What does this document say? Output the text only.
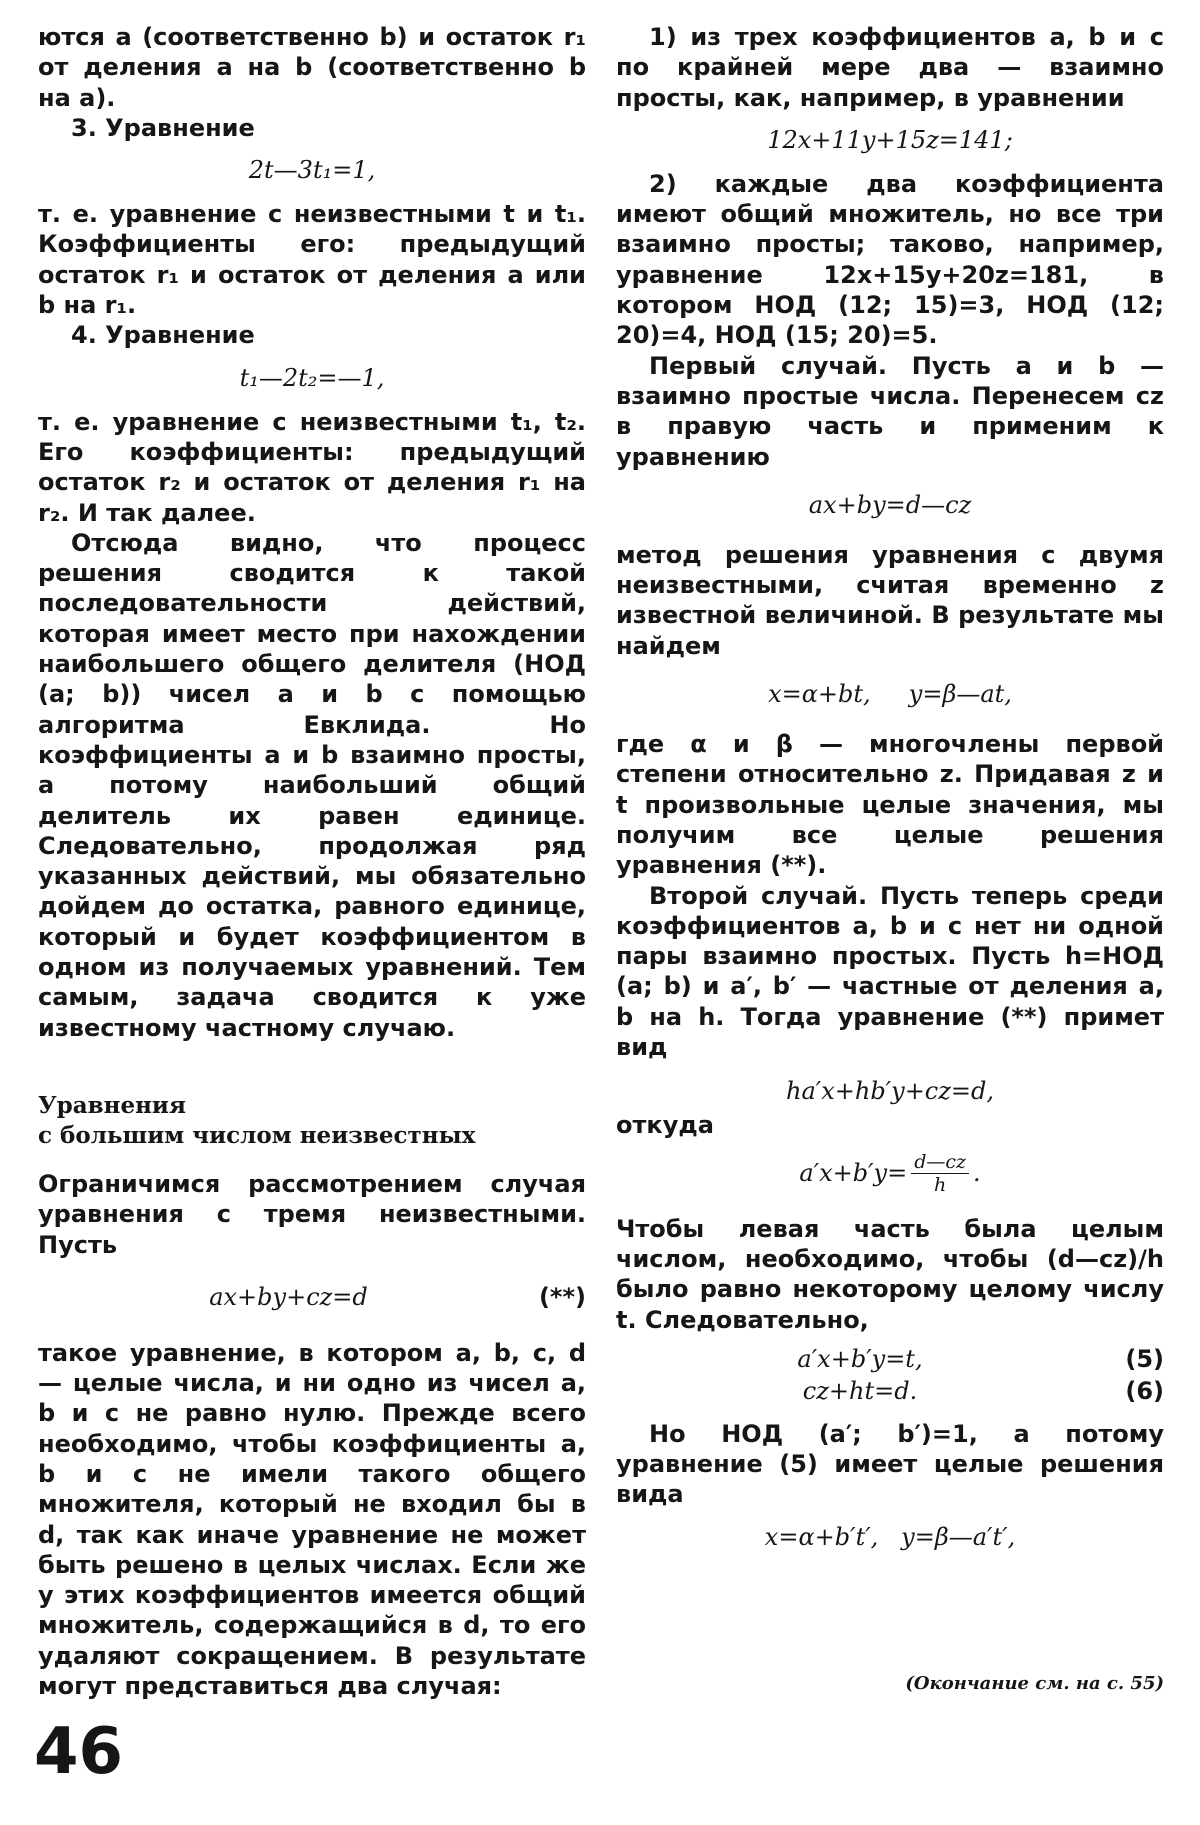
ются a (соответственно b) и остаток r₁ от деления a на b (соответственно b на a).

3. Уравнение

2t—3t₁=1,

т. е. уравнение с неизвестными t и t₁. Коэффициенты его: предыдущий остаток r₁ и остаток от деления a или b на r₁.

4. Уравнение

t₁—2t₂=—1,

т. е. уравнение с неизвестными t₁, t₂. Его коэффициенты: предыдущий остаток r₂ и остаток от деления r₁ на r₂. И так далее.

Отсюда видно, что процесс решения сводится к такой последовательности действий, которая имеет место при нахождении наибольшего общего делителя (НОД (a; b)) чисел a и b с помощью алгоритма Евклида. Но коэффициенты a и b взаимно просты, а потому наибольший общий делитель их равен единице. Следовательно, продолжая ряд указанных действий, мы обязательно дойдем до остатка, равного единице, который и будет коэффициентом в одном из получаемых уравнений. Тем самым, задача сводится к уже известному частному случаю.

Уравнения

с большим числом неизвестных

Ограничимся рассмотрением случая уравнения с тремя неизвестными. Пусть

ax+by+cz=d	(**)

такое уравнение, в котором a, b, c, d — целые числа, и ни одно из чисел a, b и c не равно нулю. Прежде всего необходимо, чтобы коэффициенты a, b и c не имели такого общего множителя, который не входил бы в d, так как иначе уравнение не может быть решено в целых числах. Если же у этих коэффициентов имеется общий множитель, содержащийся в d, то его удаляют сокращением. В результате могут представиться два случая:

1) из трех коэффициентов a, b и c по крайней мере два — взаимно просты, как, например, в уравнении

12x+11y+15z=141;

2) каждые два коэффициента имеют общий множитель, но все три взаимно просты; таково, например, уравнение 12x+15y+20z=181, в котором НОД (12; 15)=3, НОД (12; 20)=4, НОД (15; 20)=5.

Первый случай. Пусть a и b — взаимно простые числа. Перенесем cz в правую часть и применим к уравнению

ax+by=d—cz

метод решения уравнения с двумя неизвестными, считая временно z известной величиной. В результате мы найдем

x=α+bt,     y=β—at,

где α и β — многочлены первой степени относительно z. Придавая z и t произвольные целые значения, мы получим все целые решения уравнения (**).

Второй случай. Пусть теперь среди коэффициентов a, b и c нет ни одной пары взаимно простых. Пусть h=НОД (a; b) и a′, b′ — частные от деления a, b на h. Тогда уравнение (**) примет вид

ha′x+hb′y+cz=d,

откуда

$a'x+b'y= \frac{d—cz}{h}$ .

Чтобы левая часть была целым числом, необходимо, чтобы (d—cz)/h было равно некоторому целому числу t. Следовательно,

a′x+b′y=t,	(5)
cz+ht=d.	(6)

Но НОД (a′; b′)=1, а потому уравнение (5) имеет целые решения вида

x=α+b′t′,   y=β—a′t′,
(Окончание см. на с. 55)
46
